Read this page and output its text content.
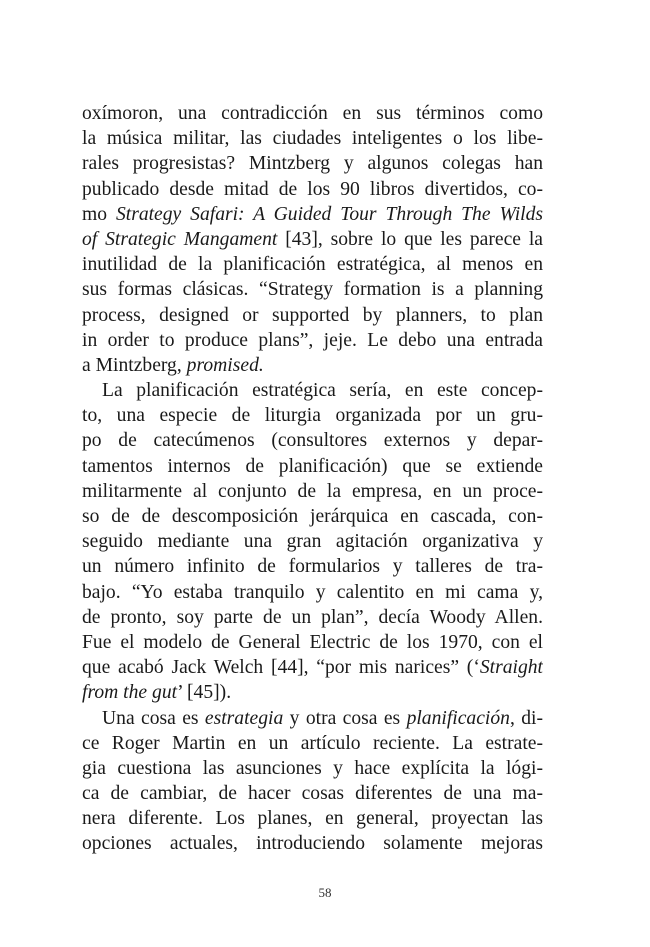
oxímoron, una contradicción en sus términos como
la música militar, las ciudades inteligentes o los libe-
rales progresistas? Mintzberg y algunos colegas han
publicado desde mitad de los 90 libros divertidos, co-
mo Strategy Safari: A Guided Tour Through The Wilds
of Strategic Mangament [43], sobre lo que les parece la
inutilidad de la planificación estratégica, al menos en
sus formas clásicas. “Strategy formation is a planning
process, designed or supported by planners, to plan
in order to produce plans”, jeje. Le debo una entrada
a Mintzberg, promised.
La planificación estratégica sería, en este concep-
to, una especie de liturgia organizada por un gru-
po de catecúmenos (consultores externos y depar-
tamentos internos de planificación) que se extiende
militarmente al conjunto de la empresa, en un proce-
so de de descomposición jerárquica en cascada, con-
seguido mediante una gran agitación organizativa y
un número infinito de formularios y talleres de tra-
bajo. “Yo estaba tranquilo y calentito en mi cama y,
de pronto, soy parte de un plan”, decía Woody Allen.
Fue el modelo de General Electric de los 1970, con el
que acabó Jack Welch [44], “por mis narices” (‘Straight
from the gut’ [45]).
Una cosa es estrategia y otra cosa es planificación, di-
ce Roger Martin en un artículo reciente. La estrate-
gia cuestiona las asunciones y hace explícita la lógi-
ca de cambiar, de hacer cosas diferentes de una ma-
nera diferente. Los planes, en general, proyectan las
opciones actuales, introduciendo solamente mejoras
58
